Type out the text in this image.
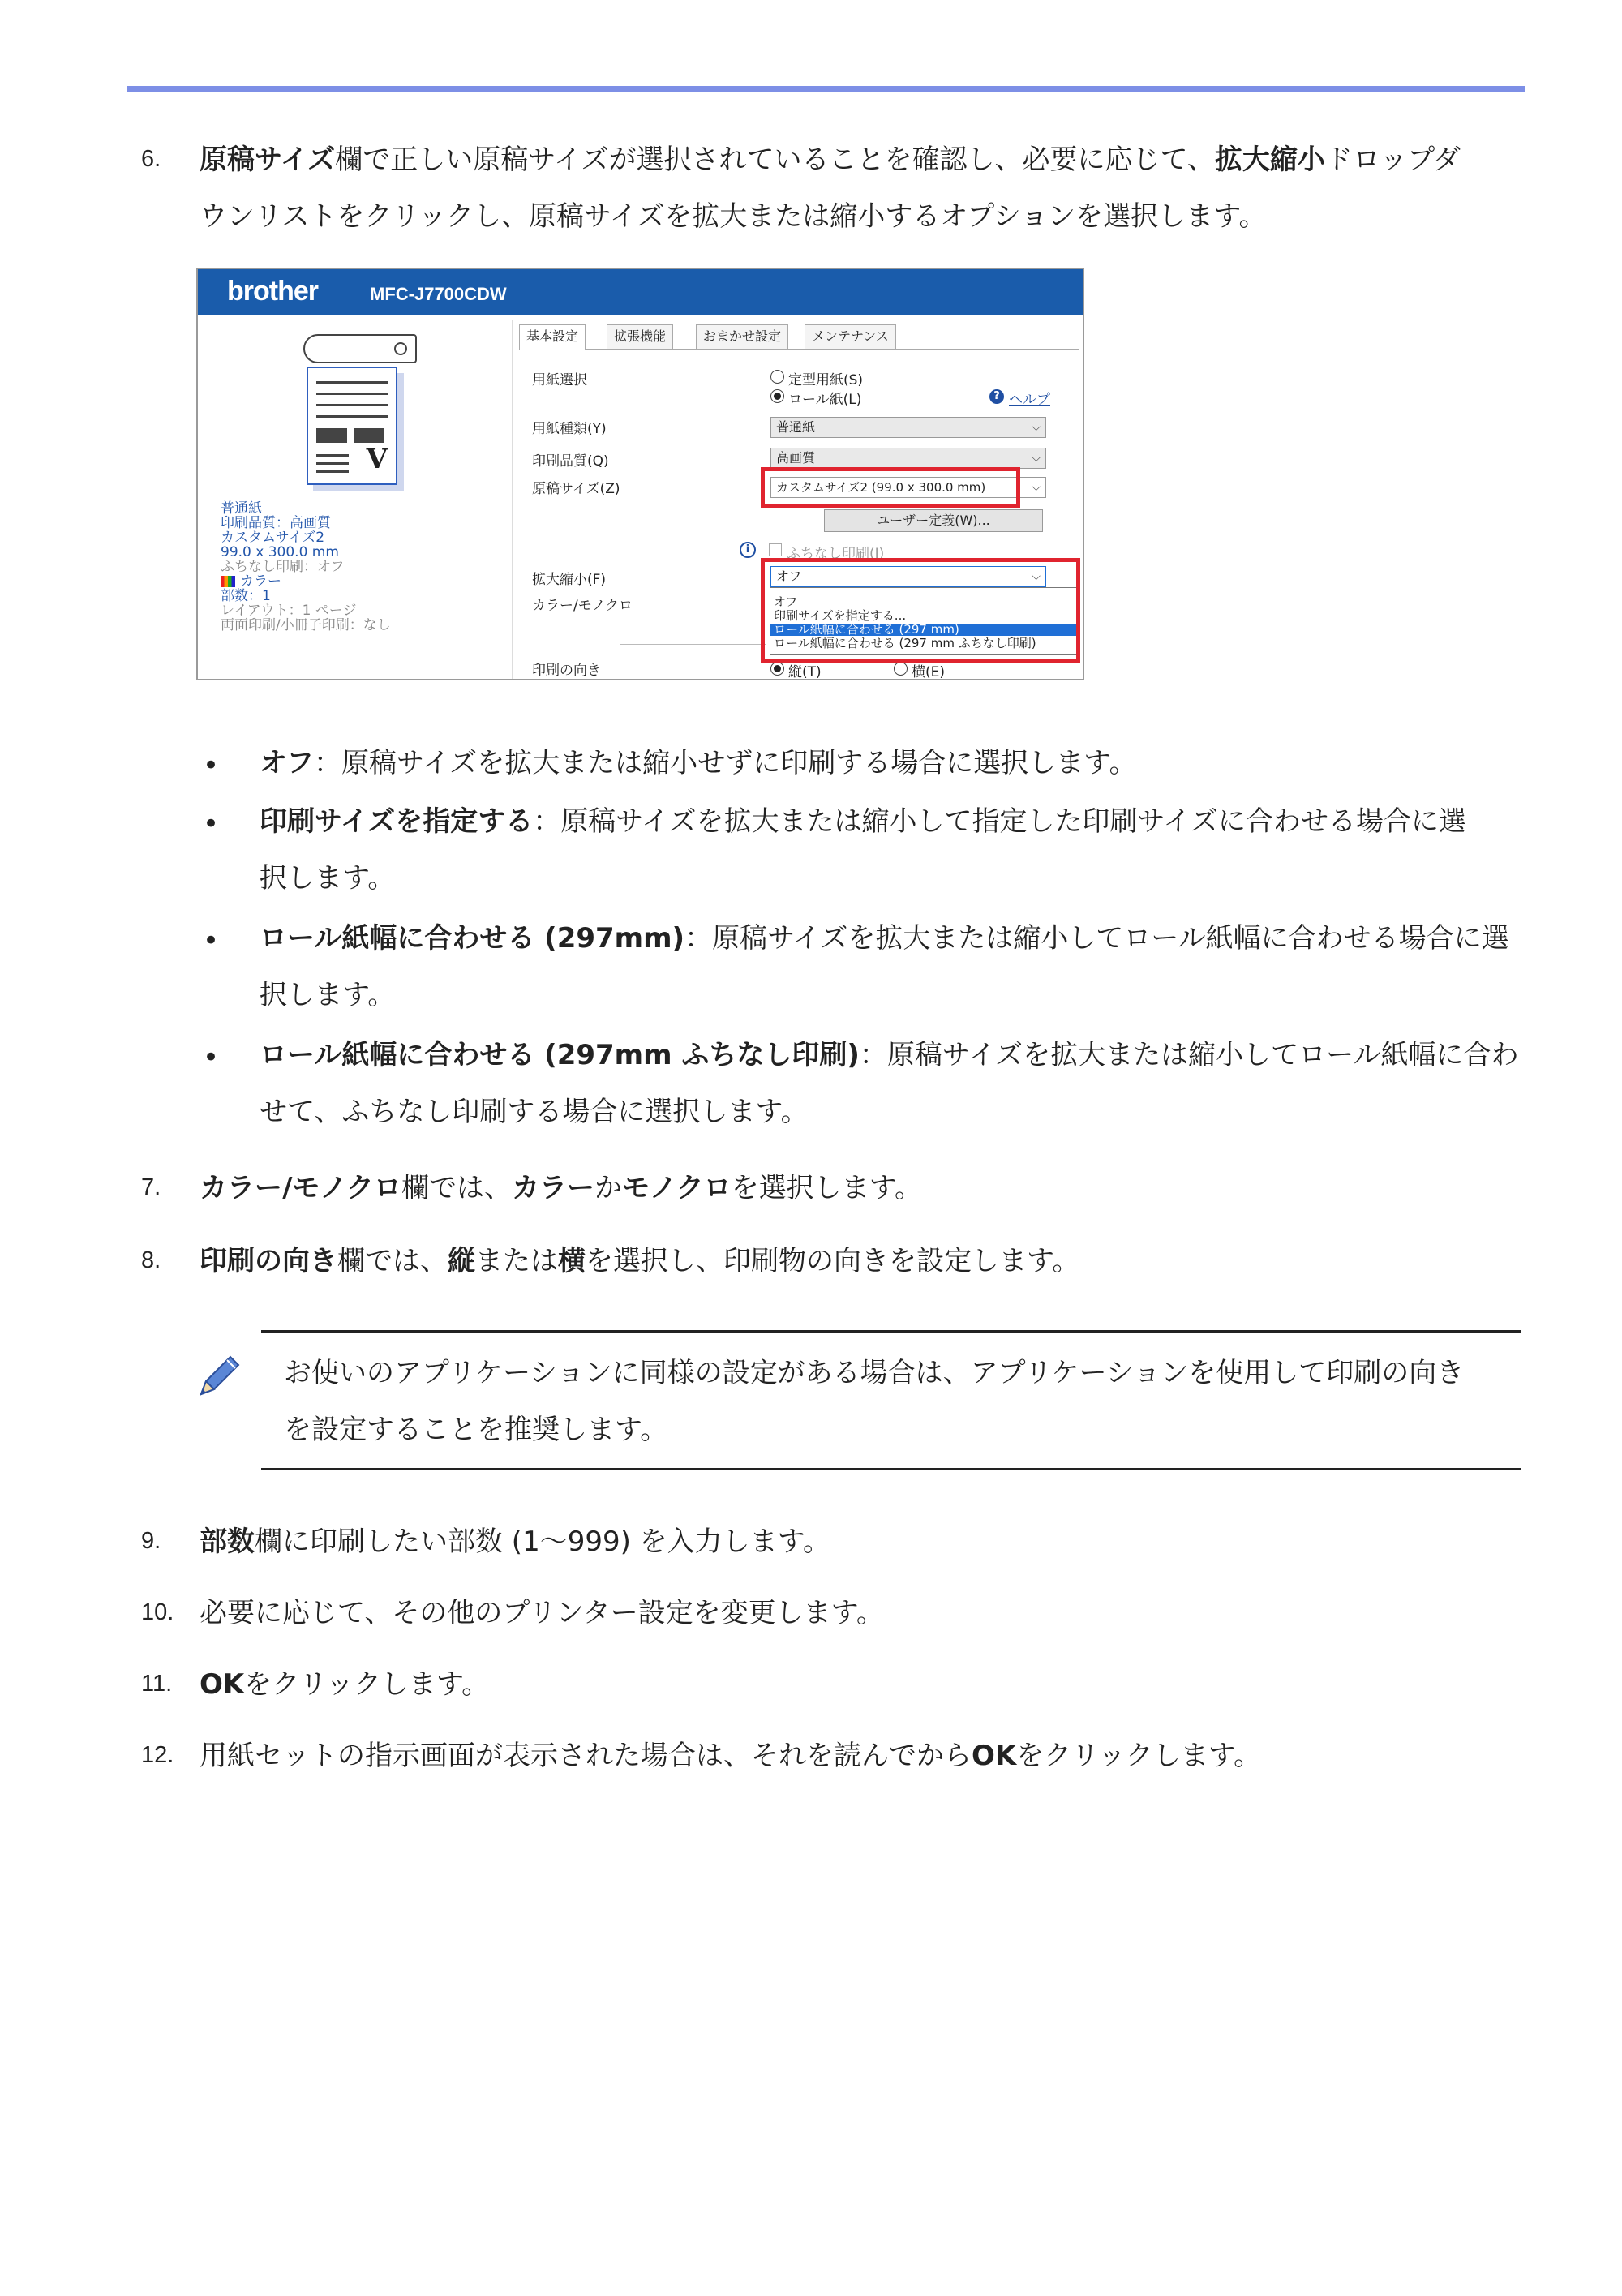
6. 原稿サイズ欄で正しい原稿サイズが選択されていることを確認し、必要に応じて、拡大縮小ドロップダ
ウンリストをクリックし、原稿サイズを拡大または縮小するオプションを選択します。
brother	MFC-J7700CDW
V
普通紙
印刷品質：高画質
カスタムサイズ2
99.0 x 300.0 mm
ふちなし印刷：オフ
カラー
部数：1
レイアウト：1 ページ
両面印刷/小冊子印刷：なし
基本設定	拡張機能	おまかせ設定	メンテナンス
用紙選択	定型用紙(S)
ロール紙(L)	? ヘルプ
用紙種類(Y)	普通紙	⌵
印刷品質(Q)	高画質	⌵
原稿サイズ(Z)	カスタムサイズ2 (99.0 x 300.0 mm)	⌵
ユーザー定義(W)...
i	ふちなし印刷(I)
拡大縮小(F)	オフ	⌵
カラー/モノクロ
印刷の向き	縦(T)	横(E)
オフ
印刷サイズを指定する...
ロール紙幅に合わせる (297 mm)
ロール紙幅に合わせる (297 mm ふちなし印刷)
• オフ：原稿サイズを拡大または縮小せずに印刷する場合に選択します。
• 印刷サイズを指定する：原稿サイズを拡大または縮小して指定した印刷サイズに合わせる場合に選
択します。
• ロール紙幅に合わせる (297mm)：原稿サイズを拡大または縮小してロール紙幅に合わせる場合に選
択します。
• ロール紙幅に合わせる (297mm ふちなし印刷)：原稿サイズを拡大または縮小してロール紙幅に合わ
せて、ふちなし印刷する場合に選択します。
7. カラー/モノクロ欄では、カラーかモノクロを選択します。
8. 印刷の向き欄では、縦または横を選択し、印刷物の向きを設定します。
お使いのアプリケーションに同様の設定がある場合は、アプリケーションを使用して印刷の向き
を設定することを推奨します。
9. 部数欄に印刷したい部数 (1～999) を入力します。
10. 必要に応じて、その他のプリンター設定を変更します。
11. OKをクリックします。
12. 用紙セットの指示画面が表示された場合は、それを読んでからOKをクリックします。
